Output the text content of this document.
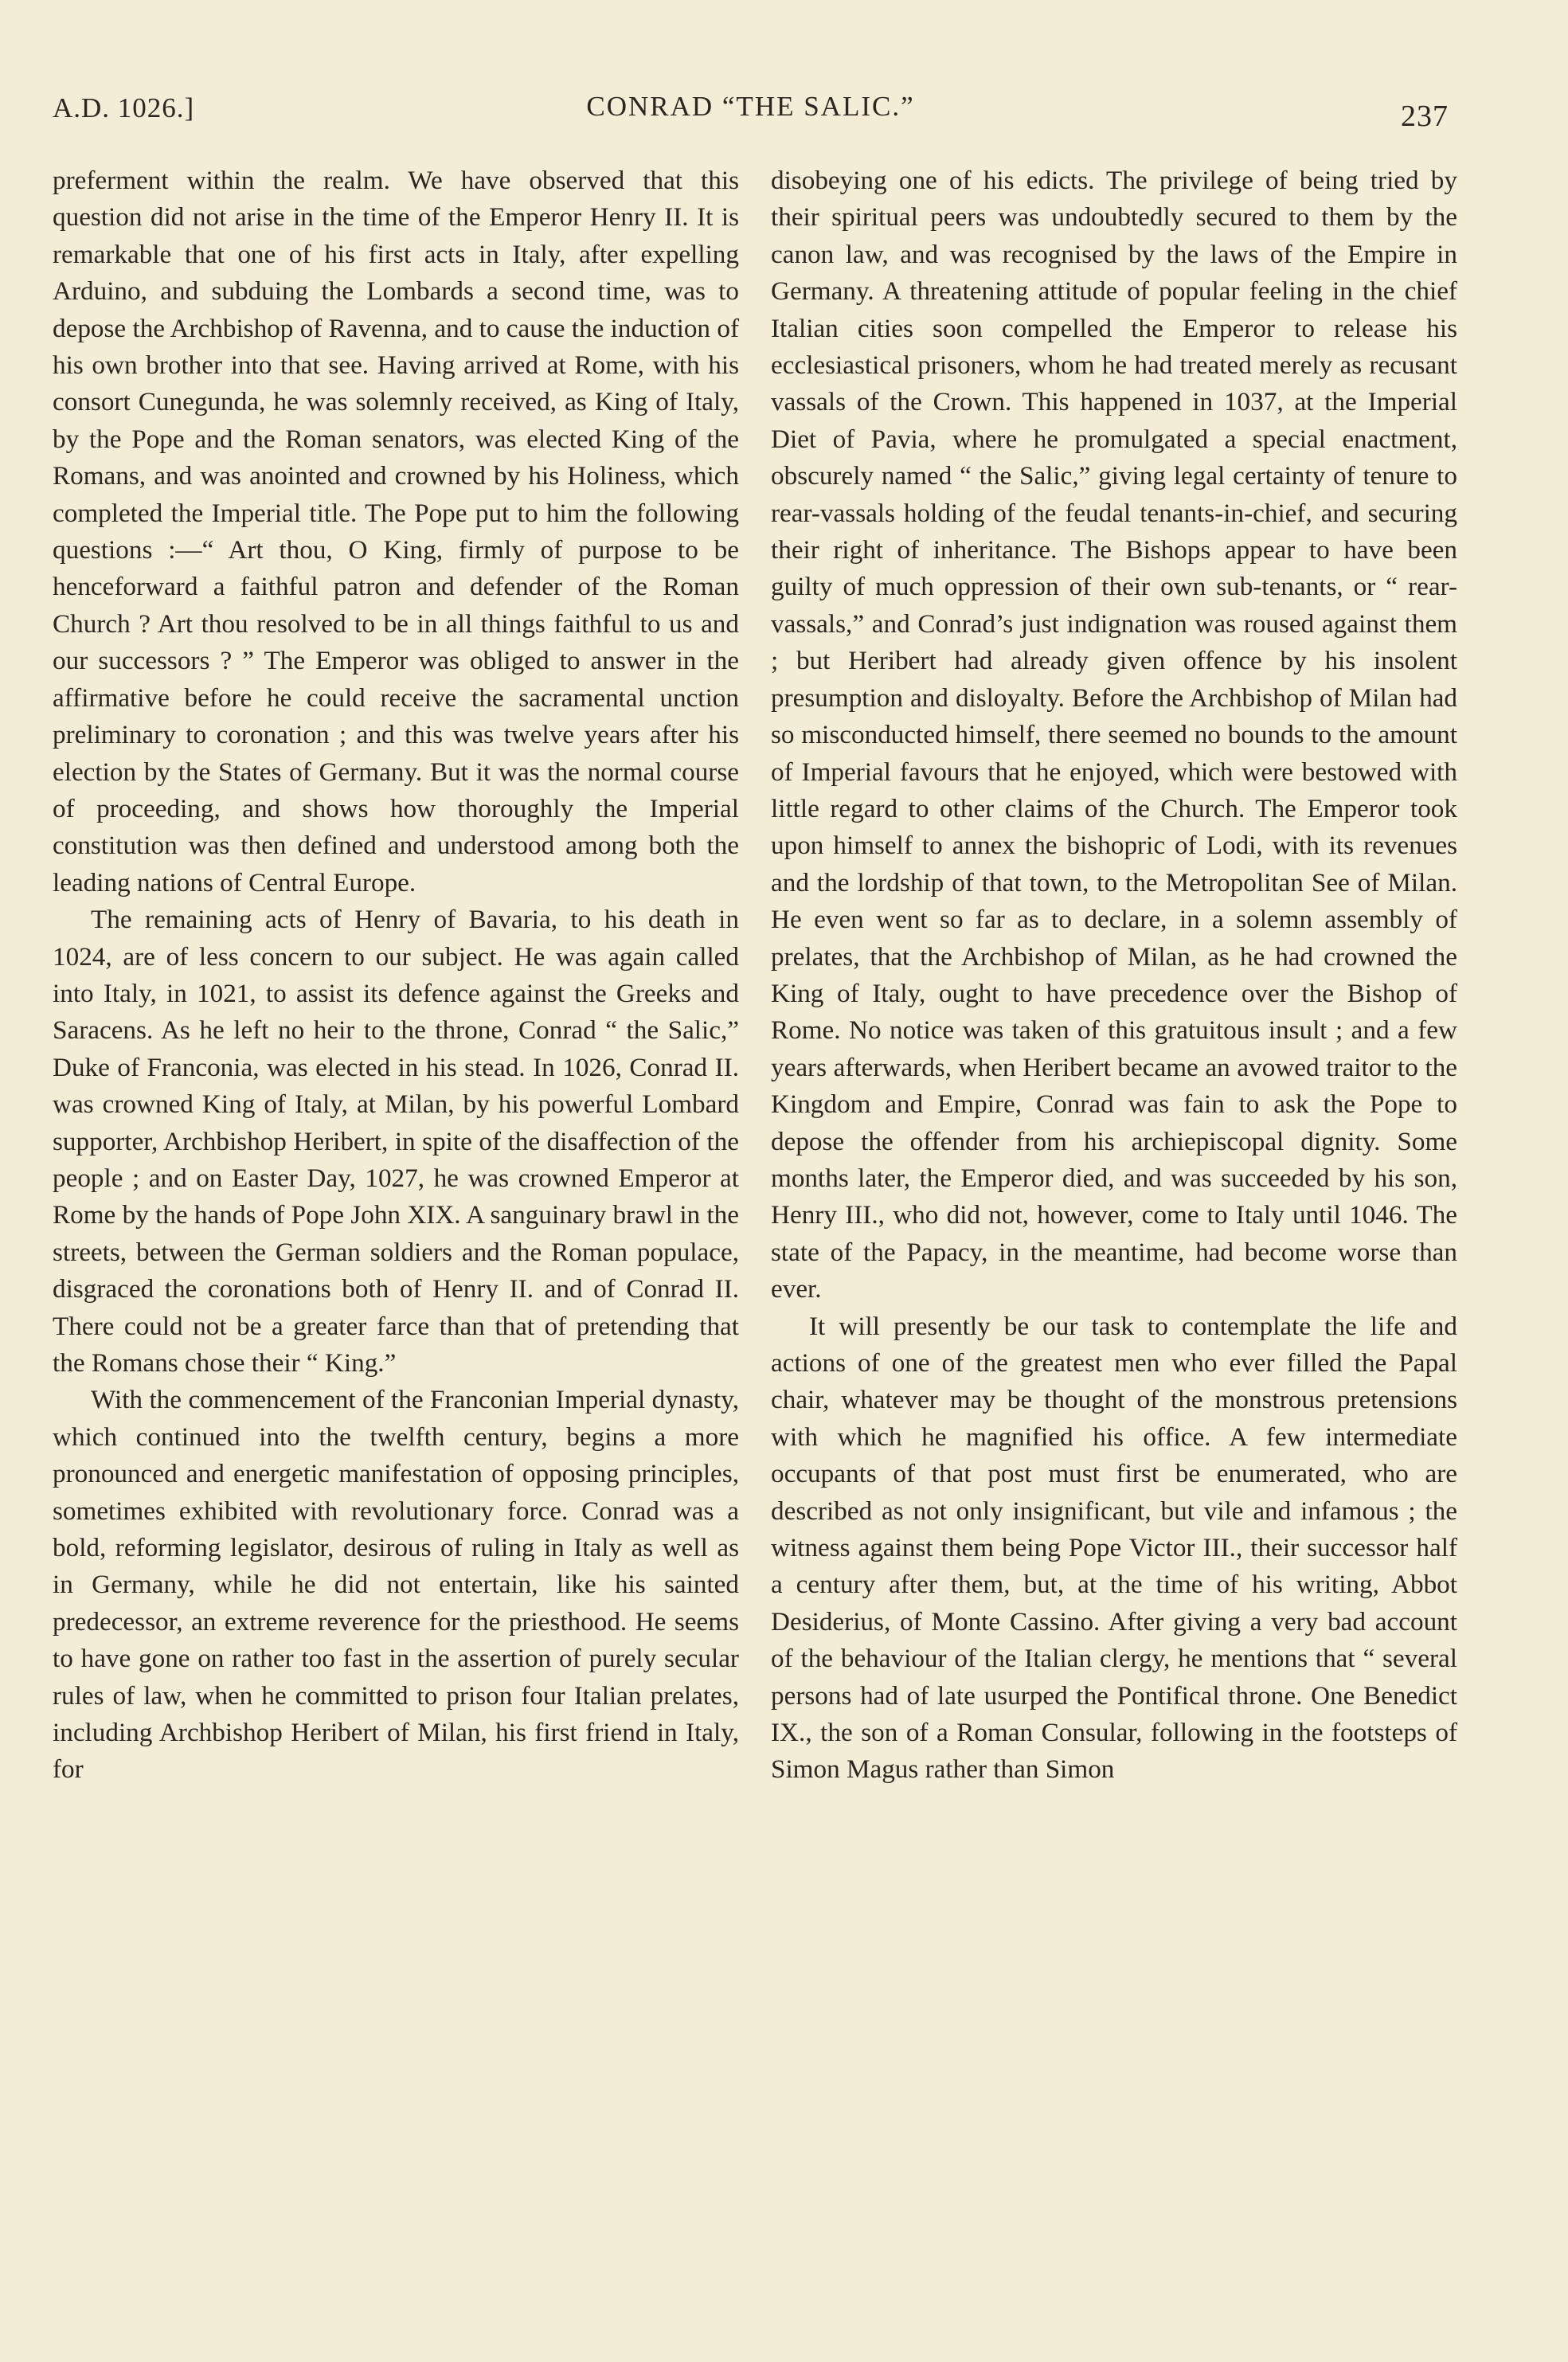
A.D. 1026.]	CONRAD “THE SALIC.”	237

preferment within the realm. We have observed that this question did not arise in the time of the Emperor Henry II. It is remarkable that one of his first acts in Italy, after expelling Arduino, and subduing the Lombards a second time, was to depose the Archbishop of Ravenna, and to cause the induction of his own brother into that see. Having arrived at Rome, with his consort Cunegunda, he was solemnly received, as King of Italy, by the Pope and the Roman senators, was elected King of the Romans, and was anointed and crowned by his Holiness, which completed the Imperial title. The Pope put to him the following questions :—“ Art thou, O King, firmly of purpose to be henceforward a faithful patron and defender of the Roman Church ? Art thou resolved to be in all things faithful to us and our successors ? ” The Emperor was obliged to answer in the affirmative before he could receive the sacramental unction preliminary to coronation ; and this was twelve years after his election by the States of Germany. But it was the normal course of proceeding, and shows how thoroughly the Imperial constitution was then defined and understood among both the leading nations of Central Europe.

The remaining acts of Henry of Bavaria, to his death in 1024, are of less concern to our subject. He was again called into Italy, in 1021, to assist its defence against the Greeks and Saracens. As he left no heir to the throne, Conrad “ the Salic,” Duke of Franconia, was elected in his stead. In 1026, Conrad II. was crowned King of Italy, at Milan, by his powerful Lombard supporter, Archbishop Heribert, in spite of the disaffection of the people ; and on Easter Day, 1027, he was crowned Emperor at Rome by the hands of Pope John XIX. A sanguinary brawl in the streets, between the German soldiers and the Roman populace, disgraced the coronations both of Henry II. and of Conrad II. There could not be a greater farce than that of pretending that the Romans chose their “ King.”

With the commencement of the Franconian Imperial dynasty, which continued into the twelfth century, begins a more pronounced and energetic manifestation of opposing principles, sometimes exhibited with revolutionary force. Conrad was a bold, reforming legislator, desirous of ruling in Italy as well as in Germany, while he did not entertain, like his sainted predecessor, an extreme reverence for the priesthood. He seems to have gone on rather too fast in the assertion of purely secular rules of law, when he committed to prison four Italian prelates, including Archbishop Heribert of Milan, his first friend in Italy, for

disobeying one of his edicts. The privilege of being tried by their spiritual peers was undoubtedly secured to them by the canon law, and was recognised by the laws of the Empire in Germany. A threatening attitude of popular feeling in the chief Italian cities soon compelled the Emperor to release his ecclesiastical prisoners, whom he had treated merely as recusant vassals of the Crown. This happened in 1037, at the Imperial Diet of Pavia, where he promulgated a special enactment, obscurely named “ the Salic,” giving legal certainty of tenure to rear-vassals holding of the feudal tenants-in-chief, and securing their right of inheritance. The Bishops appear to have been guilty of much oppression of their own sub-tenants, or “ rear-vassals,” and Conrad’s just indignation was roused against them ; but Heribert had already given offence by his insolent presumption and disloyalty. Before the Archbishop of Milan had so misconducted himself, there seemed no bounds to the amount of Imperial favours that he enjoyed, which were bestowed with little regard to other claims of the Church. The Emperor took upon himself to annex the bishopric of Lodi, with its revenues and the lordship of that town, to the Metropolitan See of Milan. He even went so far as to declare, in a solemn assembly of prelates, that the Archbishop of Milan, as he had crowned the King of Italy, ought to have precedence over the Bishop of Rome. No notice was taken of this gratuitous insult ; and a few years afterwards, when Heribert became an avowed traitor to the Kingdom and Empire, Conrad was fain to ask the Pope to depose the offender from his archiepiscopal dignity. Some months later, the Emperor died, and was succeeded by his son, Henry III., who did not, however, come to Italy until 1046. The state of the Papacy, in the meantime, had become worse than ever.

It will presently be our task to contemplate the life and actions of one of the greatest men who ever filled the Papal chair, whatever may be thought of the monstrous pretensions with which he magnified his office. A few intermediate occupants of that post must first be enumerated, who are described as not only insignificant, but vile and infamous ; the witness against them being Pope Victor III., their successor half a century after them, but, at the time of his writing, Abbot Desiderius, of Monte Cassino. After giving a very bad account of the behaviour of the Italian clergy, he mentions that “ several persons had of late usurped the Pontifical throne. One Benedict IX., the son of a Roman Consular, following in the footsteps of Simon Magus rather than Simon
